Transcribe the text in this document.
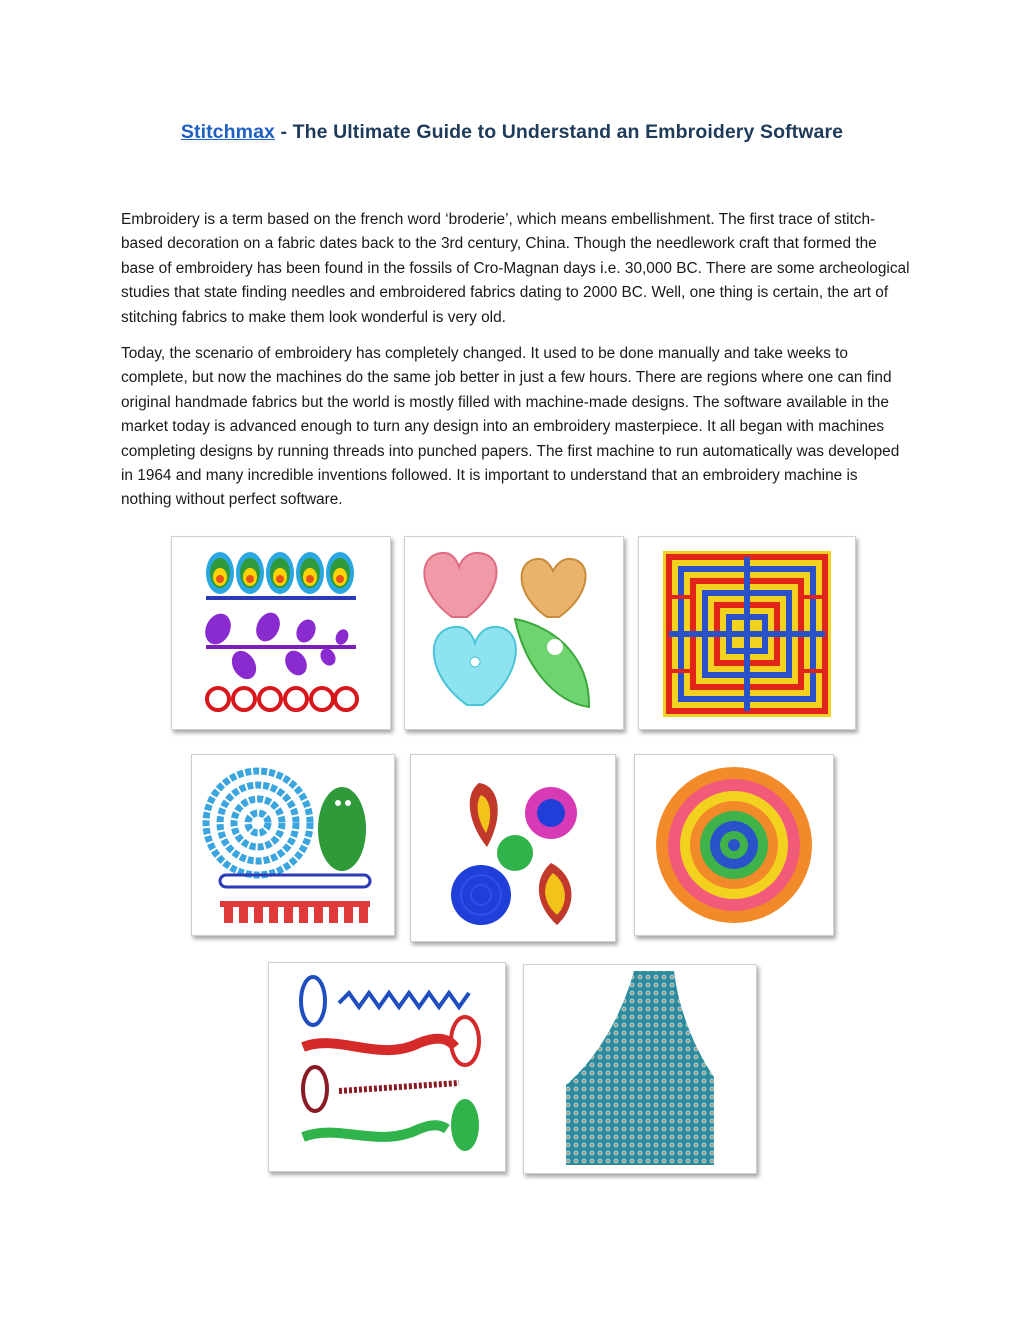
Stitchmax - The Ultimate Guide to Understand an Embroidery Software

Embroidery is a term based on the french word ‘broderie’, which means embellishment. The first trace of stitch-based decoration on a fabric dates back to the 3rd century, China. Though the needlework craft that formed the base of embroidery has been found in the fossils of Cro-Magnan days i.e. 30,000 BC. There are some archeological studies that state finding needles and embroidered fabrics dating to 2000 BC. Well, one thing is certain, the art of stitching fabrics to make them look wonderful is very old.

Today, the scenario of embroidery has completely changed. It used to be done manually and take weeks to complete, but now the machines do the same job better in just a few hours. There are regions where one can find original handmade fabrics but the world is mostly filled with machine-made designs. The software available in the market today is advanced enough to turn any design into an embroidery masterpiece. It all began with machines completing designs by running threads into punched papers. The first machine to run automatically was developed in 1964 and many incredible inventions followed. It is important to understand that an embroidery machine is nothing without perfect software.
